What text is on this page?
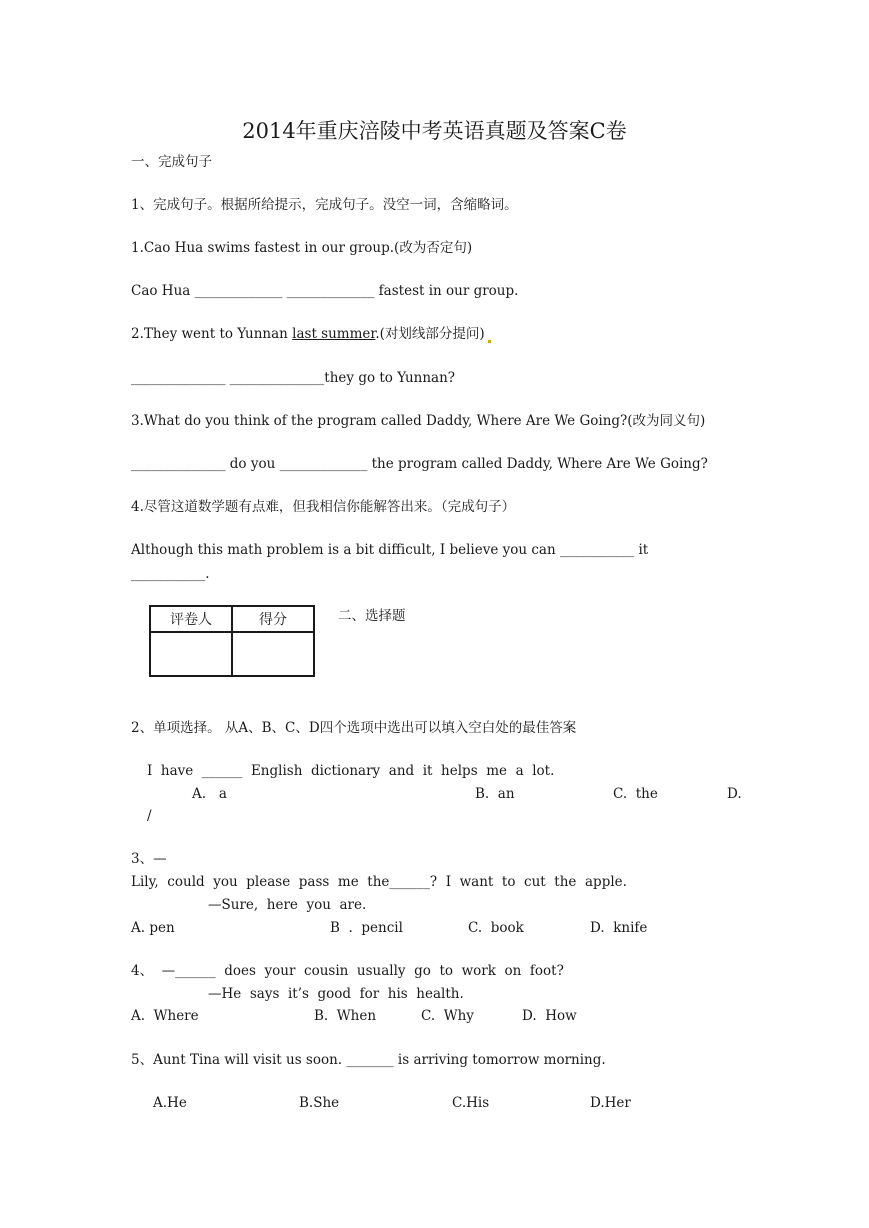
2014年重庆涪陵中考英语真题及答案C卷
一、完成句子
1、完成句子。根据所给提示，完成句子。没空一词，含缩略词。
1.Cao Hua swims fastest in our group.(改为否定句)
Cao Hua _____________ _____________ fastest in our group.
2.They went to Yunnan last summer.(对划线部分提问)
______________ ______________they go to Yunnan?
3.What do you think of the program called Daddy, Where Are We Going?(改为同义句)
______________ do you _____________ the program called Daddy, Where Are We Going?
4.尽管这道数学题有点难，但我相信你能解答出来。（完成句子）
Although this math problem is a bit difficult, I believe you can ___________ it
___________.
评卷人	得分
		二、选择题
2、单项选择。 从A、B、C、D四个选项中选出可以填入空白处的最佳答案
I  have  ______  English  dictionary  and  it  helps  me  a  lot.
A.   a	B.  an	C.  the	D.
/
3、—
Lily,  could  you  please  pass  me  the______?  I  want  to  cut  the  apple.
—Sure,  here  you  are.
A. pen	B  .  pencil	C.  book	D.  knife
4、  —______  does  your  cousin  usually  go  to  work  on  foot?
—He  says  it’s  good  for  his  health.
A.  Where	B.  When	C.  Why	D.  How
5、Aunt Tina will visit us soon. _______ is arriving tomorrow morning.
A.He	B.She	C.His	D.Her
